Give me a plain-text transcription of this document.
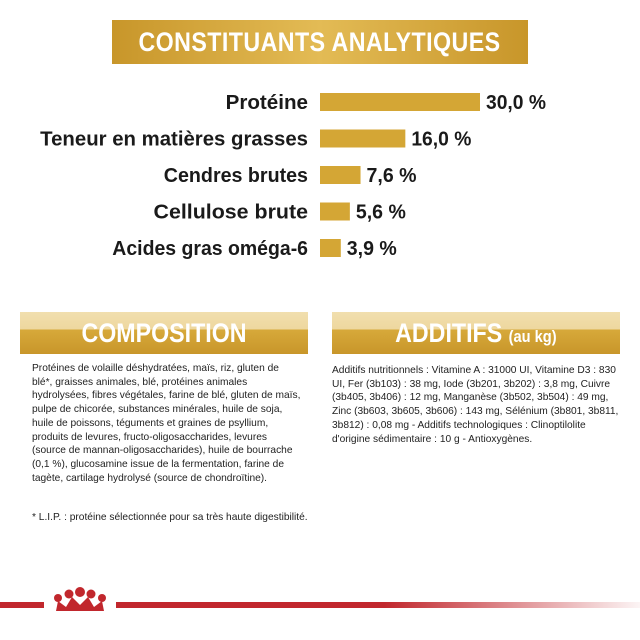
CONSTITUANTS ANALYTIQUES
Protéine	30,0 %
Teneur en matières grasses	16,0 %
Cendres brutes	7,6 %
Cellulose brute 5,6 %
Acides gras oméga-6 3,9 %
COMPOSITION
Protéines de volaille déshydratées, maïs, riz, gluten de blé*, graisses animales, blé, protéines animales hydrolysées, fibres végétales, farine de blé, gluten de maïs, pulpe de chicorée, substances minérales, huile de soja, huile de poissons, téguments et graines de psyllium, produits de levures, fructo-oligosaccharides, levures (source de mannan-oligosaccharides), huile de bourrache (0,1 %), glucosamine issue de la fermentation, farine de tagète, cartilage hydrolysé (source de chondroïtine).
* L.I.P. : protéine sélectionnée pour sa très haute digestibilité.
ADDITIFS (au kg)
Additifs nutritionnels : Vitamine A : 31000 UI, Vitamine D3 : 830 UI, Fer (3b103) : 38 mg, Iode (3b201, 3b202) : 3,8 mg, Cuivre (3b405, 3b406) : 12 mg, Manganèse (3b502, 3b504) : 49 mg, Zinc (3b603, 3b605, 3b606) : 143 mg, Sélénium (3b801, 3b811, 3b812) : 0,08 mg - Additifs technologiques : Clinoptilolite d'origine sédimentaire : 10 g - Antioxygènes.
